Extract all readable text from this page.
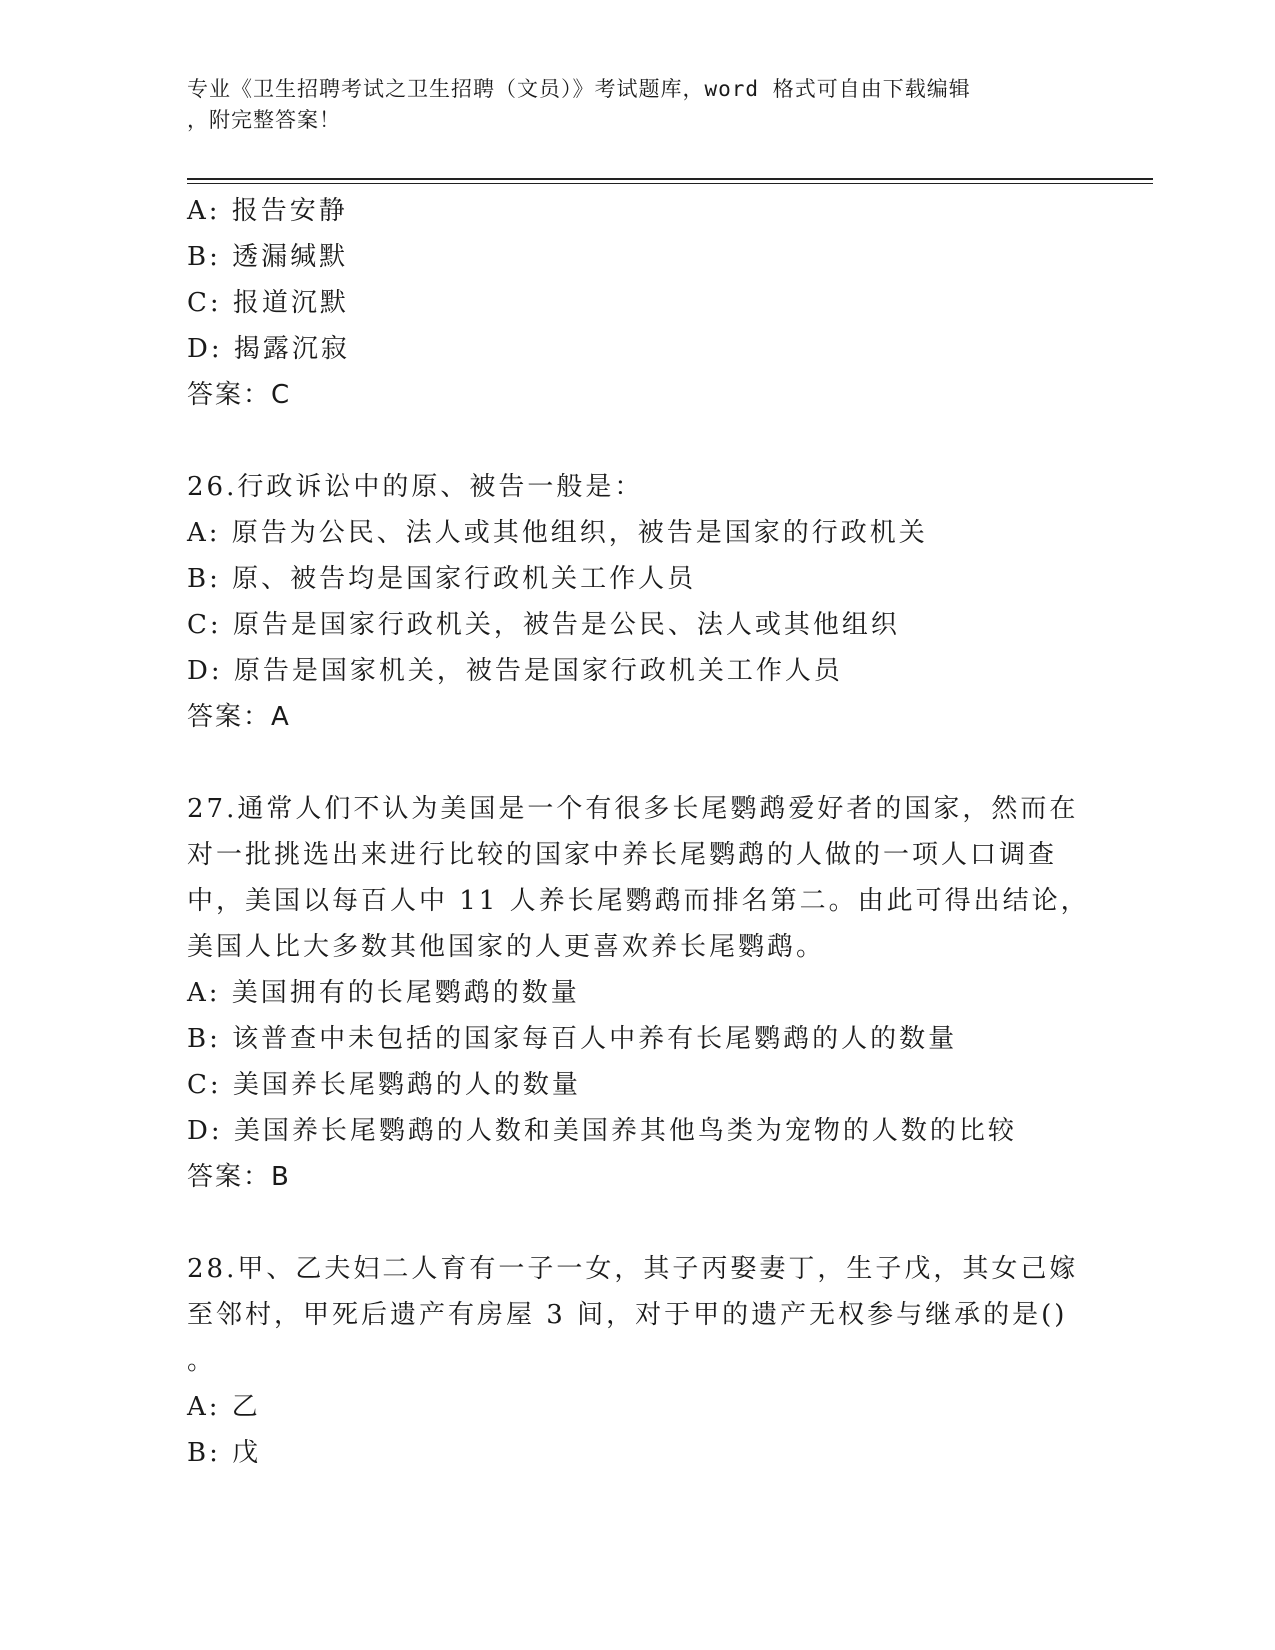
专业《卫生招聘考试之卫生招聘（文员）》考试题库，word 格式可自由下载编辑

，附完整答案！

A: 报告安静
B: 透漏缄默
C: 报道沉默
D: 揭露沉寂
答案：C
26.行政诉讼中的原、被告一般是：
A: 原告为公民、法人或其他组织，被告是国家的行政机关
B: 原、被告均是国家行政机关工作人员
C: 原告是国家行政机关，被告是公民、法人或其他组织
D: 原告是国家机关，被告是国家行政机关工作人员
答案：A
27.通常人们不认为美国是一个有很多长尾鹦鹉爱好者的国家，然而在
对一批挑选出来进行比较的国家中养长尾鹦鹉的人做的一项人口调查
中，美国以每百人中 11 人养长尾鹦鹉而排名第二。由此可得出结论，
美国人比大多数其他国家的人更喜欢养长尾鹦鹉。
A: 美国拥有的长尾鹦鹉的数量
B: 该普查中未包括的国家每百人中养有长尾鹦鹉的人的数量
C: 美国养长尾鹦鹉的人的数量
D: 美国养长尾鹦鹉的人数和美国养其他鸟类为宠物的人数的比较
答案：B
28.甲、乙夫妇二人育有一子一女，其子丙娶妻丁，生子戊，其女己嫁
至邻村，甲死后遗产有房屋 3 间，对于甲的遗产无权参与继承的是()
。
A: 乙
B: 戊
